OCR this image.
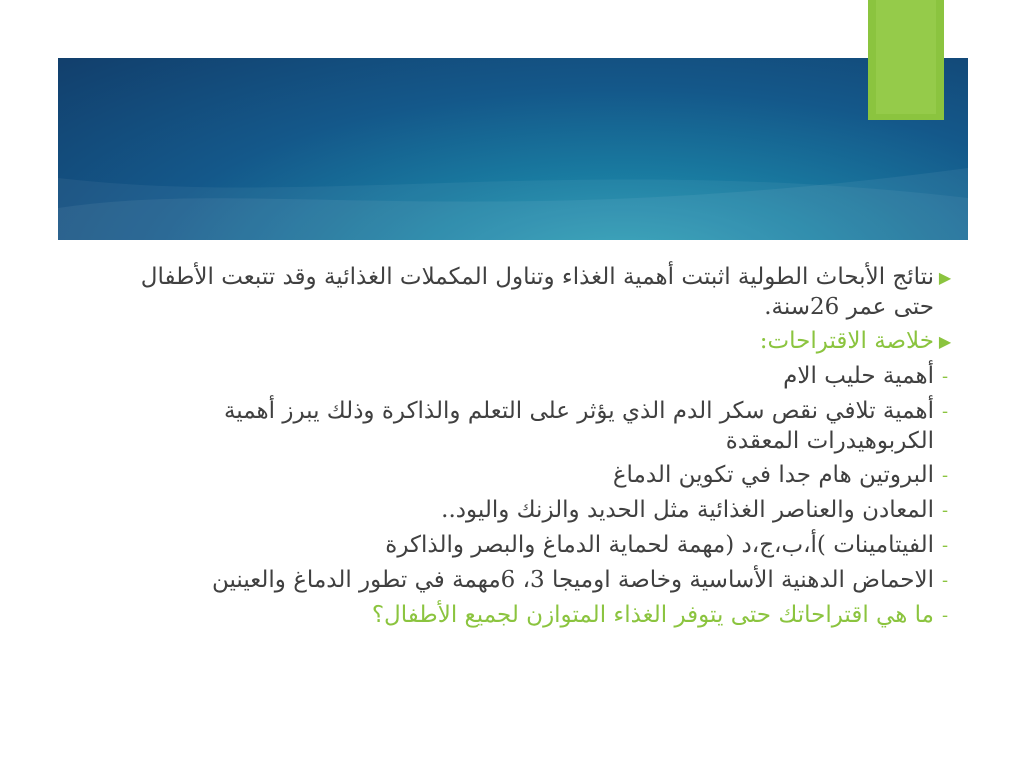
▶
نتائج الأبحاث الطولية اثبتت أهمية الغذاء وتناول المكملات الغذائية وقد تتبعت الأطفال حتى عمر 26سنة.
▶
خلاصة الاقتراحات:
-
أهمية حليب الام
-
أهمية تلافي نقص سكر الدم الذي يؤثر على التعلم والذاكرة وذلك يبرز أهمية الكربوهيدرات المعقدة
-
البروتين هام جدا في تكوين الدماغ
-
المعادن والعناصر الغذائية مثل الحديد والزنك واليود..
-
الفيتامينات )أ،ب،ج،د (مهمة لحماية الدماغ والبصر والذاكرة
-
الاحماض الدهنية الأساسية وخاصة اوميجا 3، 6مهمة في تطور الدماغ والعينين
-
ما هي اقتراحاتك حتى يتوفر الغذاء المتوازن لجميع الأطفال؟
